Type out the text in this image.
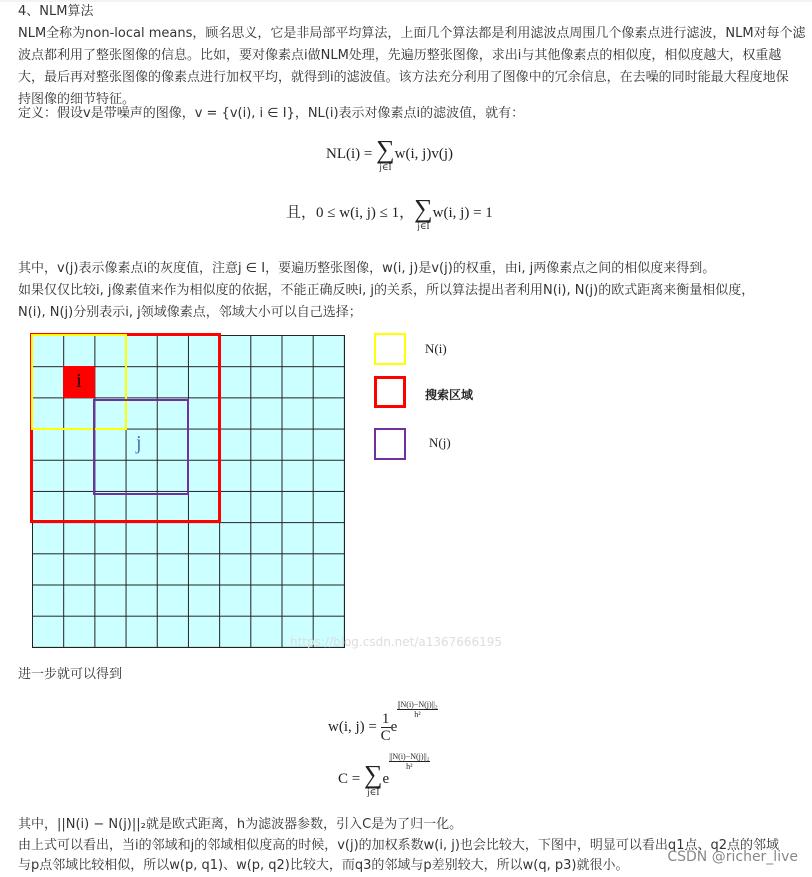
4、NLM算法
NLM全称为non-local means，顾名思义，它是非局部平均算法，上面几个算法都是利用滤波点周围几个像素点进行滤波，NLM对每个滤
波点都利用了整张图像的信息。比如，要对像素点i做NLM处理，先遍历整张图像，求出i与其他像素点的相似度，相似度越大，权重越
大，最后再对整张图像的像素点进行加权平均，就得到i的滤波值。该方法充分利用了图像中的冗余信息，在去噪的同时能最大程度地保
持图像的细节特征。
定义：假设v是带噪声的图像，v = {v(i), i ∈ I}，NL(i)表示对像素点i的滤波值，就有：
NL(i) = ∑
j∈I
w(i, j)v(j)
且，0 ≤ w(i, j) ≤ 1， ∑
j∈I
w(i, j) = 1
其中，v(j)表示像素点i的灰度值，注意j ∈ I，要遍历整张图像，w(i, j)是v(j)的权重，由i, j两像素点之间的相似度来得到。
如果仅仅比较i, j像素值来作为相似度的依据，不能正确反映i, j的关系，所以算法提出者利用N(i), N(j)的欧式距离来衡量相似度，
N(i), N(j)分别表示i, j领域像素点，邻域大小可以自己选择；
i
j
https://blog.csdn.net/a1367666195
N(i)
搜索区域
N(j)
进一步就可以得到
w(i, $j) = \frac{1}{C}$ e
$\frac{\text{||N(i)−N(j)||₂}}{\text{h²}}$
C = ∑
j∈I
e
$\frac{\text{||N(i)−N(j)||₂}}{\text{h²}}$
其中，||N(i) − N(j)||₂就是欧式距离，h为滤波器参数，引入C是为了归一化。
由上式可以看出，当i的邻域和j的邻域相似度高的时候，v(j)的加权系数w(i, j)也会比较大，下图中，明显可以看出q1点、q2点的邻域
与p点邻域比较相似，所以w(p, q1)、w(p, q2)比较大，而q3的邻域与p差别较大，所以w(q, p3)就很小。
CSDN @richer_live
